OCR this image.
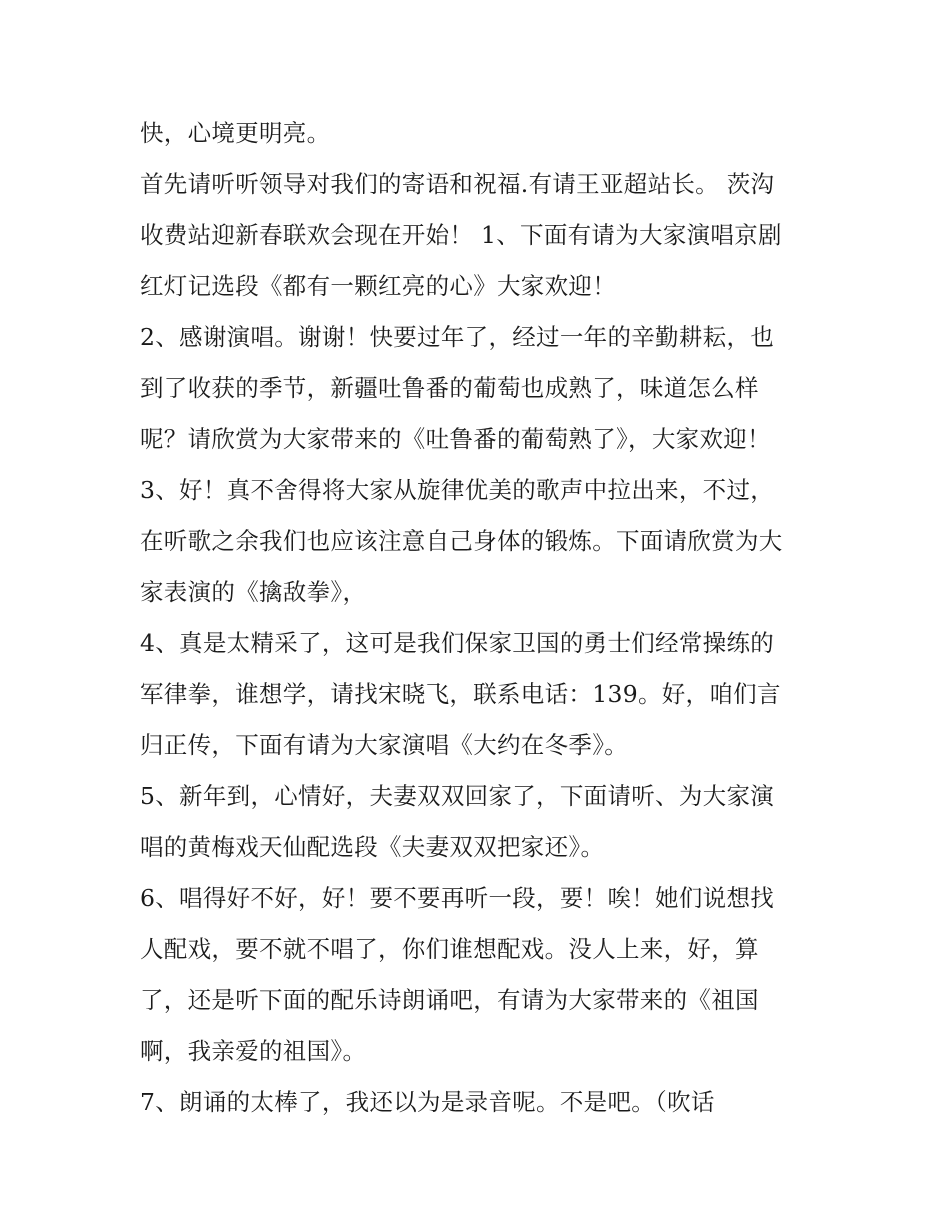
快，心境更明亮。
首先请听听领导对我们的寄语和祝福.有请王亚超站长。 茨沟
收费站迎新春联欢会现在开始！ 1、下面有请为大家演唱京剧
红灯记选段《都有一颗红亮的心》大家欢迎！
2、感谢演唱。谢谢！快要过年了，经过一年的辛勤耕耘，也
到了收获的季节，新疆吐鲁番的葡萄也成熟了，味道怎么样
呢？请欣赏为大家带来的《吐鲁番的葡萄熟了》，大家欢迎！
3、好！真不舍得将大家从旋律优美的歌声中拉出来，不过，
在听歌之余我们也应该注意自己身体的锻炼。下面请欣赏为大
家表演的《擒敌拳》，
4、真是太精采了，这可是我们保家卫国的勇士们经常操练的
军律拳，谁想学，请找宋晓飞，联系电话：139。好，咱们言
归正传，下面有请为大家演唱《大约在冬季》。
5、新年到，心情好，夫妻双双回家了，下面请听、为大家演
唱的黄梅戏天仙配选段《夫妻双双把家还》。
6、唱得好不好，好！要不要再听一段，要！唉！她们说想找
人配戏，要不就不唱了，你们谁想配戏。没人上来，好，算
了，还是听下面的配乐诗朗诵吧，有请为大家带来的《祖国
啊，我亲爱的祖国》。
7、朗诵的太棒了，我还以为是录音呢。不是吧。（吹话
